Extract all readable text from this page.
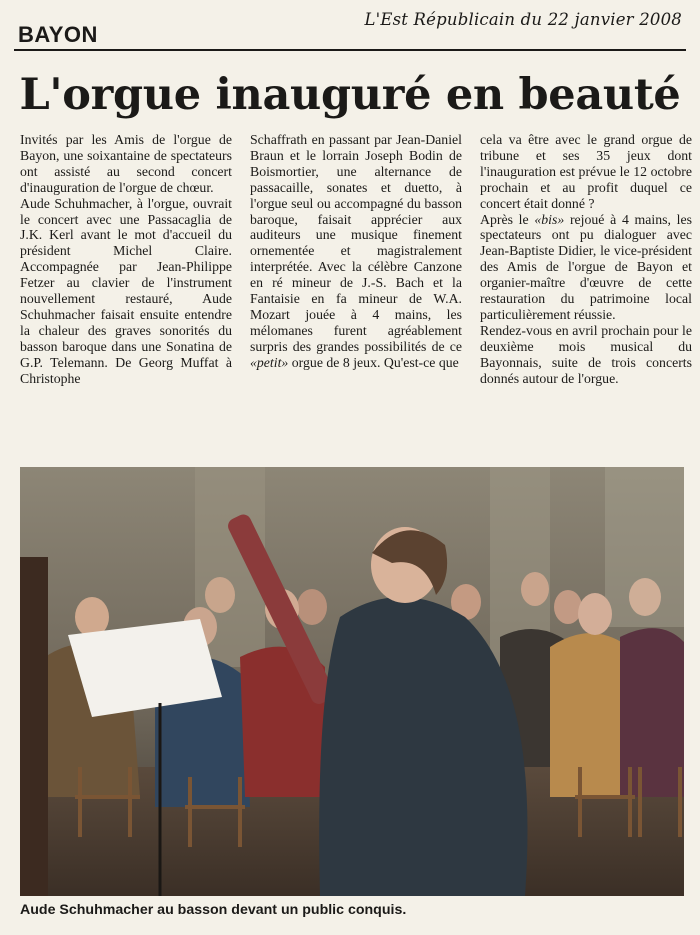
BAYON
L'Est Républicain du 22 janvier 2008
L'orgue inauguré en beauté

Invités par les Amis de l'orgue de Bayon, une soixantaine de spectateurs ont assisté au second concert d'inauguration de l'orgue de chœur.

Aude Schuhmacher, à l'orgue, ouvrait le concert avec une Passacaglia de J.K. Kerl avant le mot d'accueil du président Michel Claire. Accompagnée par Jean-Philippe Fetzer au clavier de l'instrument nouvellement restauré, Aude Schuhmacher faisait ensuite entendre la chaleur des graves sonorités du basson baroque dans une Sonatina de G.P. Telemann. De Georg Muffat à Christophe

Schaffrath en passant par Jean-Daniel Braun et le lorrain Joseph Bodin de Boismortier, une alternance de passacaille, sonates et duetto, à l'orgue seul ou accompagné du basson baroque, faisait apprécier aux auditeurs une musique finement ornementée et magistralement interprétée. Avec la célèbre Canzone en ré mineur de J.-S. Bach et la Fantaisie en fa mineur de W.A. Mozart jouée à 4 mains, les mélomanes furent agréablement surpris des grandes possibilités de ce «petit» orgue de 8 jeux. Qu'est-ce que

cela va être avec le grand orgue de tribune et ses 35 jeux dont l'inauguration est prévue le 12 octobre prochain et au profit duquel ce concert était donné ?

Après le «bis» rejoué à 4 mains, les spectateurs ont pu dialoguer avec Jean-Baptiste Didier, le vice-président des Amis de l'orgue de Bayon et organier-maître d'œuvre de cette restauration du patrimoine local particulièrement réussie.

Rendez-vous en avril prochain pour le deuxième mois musical du Bayonnais, suite de trois concerts donnés autour de l'orgue.

Aude Schuhmacher au basson devant un public conquis.
